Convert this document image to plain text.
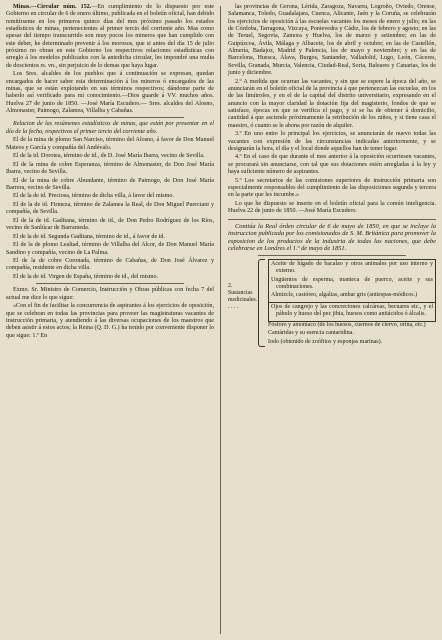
Minas.—Circular núm. 152.—En cumplimiento de lo dispuesto por este Gobierno en circular de 6 de enero último, publicada en el boletín oficial, han debido remitírseme en los primeros quince días del mes próximo pasado los estados estadísticos de minas, pertenecientes al primer tercio del corriente año. Mas como apesar del tiempo transcurrido son muy pocos los mineros que han cumplido con este deber, he determinado prevenir á los morosos, que si antes del día 15 de julio próximo no obran en este Gobierno los respectivos relaciones estadísticas con arreglo á los modelos publicados con la antedicha circular, les impondré una multa de doscientos rs. vn., sin perjuicio de lo demas que haya lugar.

Los Sres. alcaldes de los pueblos que á continuación se expresan, quedan encargados de hacer saber esta determinación á los mineros ó encargados de las minas, que se están explotando en sus términos respectivos; dándome parte de haberlo así verificado para mi conocimiento.—Dios guarde á VV. muchos años. Huelva 27 de junio de 1850. —José María Escudero.— Sres. alcaldes del Alosno, Almonaster, Paimogo, Zalamea, Villalba y Cabañas.

Relacion de las resúmenes estadísticos de minas, que están por presentar en el día de la fecha, respectivos al primer tercio del corriente año.

El de la mina de plomo San Narciso, término del Alosno, á favor de Don Manuel Mateos y García y compañía del Andévalo.

El de la id. Dorotea, término de id., de D. José María Ibarra, vecino de Sevilla.

El de la mina de cobre Esperanza, término de Almonaster, de Don José María Ibarra, vecino de Sevilla.

El de la mina de cobre Abundante, término de Paimogo, de Don José María Barrera, vecino de Sevilla.

El de la de id. Preciosa, término de dicha villa, á favor del mismo.

El de la de id. Firmeza, término de Zalamea la Real, de Don Miguel Puerciani y compañía, de Sevilla.

El de la de id. Gaditana, término de id., de Don Pedro Rodríguez de los Ríos, vecino de Sanlúcar de Barrameda.

El de la de id. Segunda Gaditana, término de id., á favor de id.

El de la de plomo Lealtad, término de Villalba del Alcor, de Don Manuel María Sandino y compañía, vecino de La Palma.

El de la de cobre Coronada, término de Cabañas, de Don José Álvarez y compañía, residente en dicha villa.

El de la de id. Virgen de España, término de id., del mismo.

Exmo. Sr. Ministro de Comercio, Instrucción y Obras públicas con fecha 7 del actual me dice lo que sigue:

«Con el fin de facilitar la concurrencia de aspirantes á los ejercicios de oposición, que se celebran en todas las provincias para proveer las magistraturas vacantes de instrucción primaria, y atendiendo á las diversas ocupaciones de los maestros que deben asistir á estos actos; la Reina (Q. D. G.) ha tenido por conveniente disponer lo que sigue: 1.º En

las provincias de Gerona, Lérida, Zaragoza, Navarra, Logroño, Oviedo, Orense, Salamanca, Toledo, Guadalajara, Cuenca, Alicante, Jaén y la Coruña, se celebrarán los ejercicios de oposición á las escuelas vacantes los meses de enero y julio; en las de Córdoba, Tarragona, Vizcaya, Pontevedra y Cádiz, los de febrero y agosto; en las de Teruel, Segovia, Zamora y Huelva, los de marzo y setiembre; en las de Guipúzcoa, Ávila, Málaga y Albacete, los de abril y octubre; en las de Castellón, Almería, Badajoz, Madrid y Palencia, los de mayo y noviembre; y en las de Barcelona, Huesca, Álava, Burgos, Santander, Valladolid, Lugo, León, Cáceres, Sevilla, Granada, Murcia, Valencia, Ciudad-Real, Soria, Baleares y Canarias, los de junio y diciembre.

2.º A medida que ocurran las vacantes, y sin que se espere la época del año, se anunciarán en el boletín oficial de la provincia á que pertenezcan las escuelas, en los de las limítrofes, y en el de la capital del distrito universitario, expresando en el anuncio con la mayor claridad la dotación fija del magisterio, fondos de que se satisface, épocas en que se verifica el pago, y si se ha de obtener á domicilio, cantidad á que asciende próximamente la retribución de los niños, y si tiene casa el maestro, ó cuanto se le abona por razón de alquiler.

3.º En uno entre lo principal los ejercicios, se anunciarán de nuevo todas las vacantes con expresión de las circunstancias indicadas anteriormente, y se designarán la hora, el día y el local donde aquellos han de tener lugar.

4.º En el caso de que durante el mes anterior á la oposición ocurriesen vacantes, se procurará sin anunciarse, con tal que sus dotaciones estén arregladas á la ley y haya suficiente número de aspirantes.

5.º Los secretarios de las comisiones superiores de instrucción primaria son especialmente responsables del cumplimiento de las disposiciones segunda y tercera en la parte que les incumbe.»

Lo que he dispuesto se inserte en el boletín oficial para la común inteligencia. Huelva 22 de junio de 1850. —José María Escudero.

Contiúa la Real órden circular de 6 de mayo de 1850, en que se inclaye la instruccion publicada por los comisionados de S. M. Británica para promover la esposicion de los productos de la industria de todas las naciones, que debe celebrarse en Londres el 1.º de mayo de 1851.

2. Sustancias medicinales. . . . .

Aceite de hígado de bacalao y otros animales por uso interno y externo.

Ungüentos de esperma, manteca de puerco, aceite y sus combinaciones.

Almizcle, castóreo, algalias, ambar gris (antiespas-módicos.)

Ojos de cangrejo y las concreciones calcáreas, becuares etc., y el pábulo y hueso del pez jibia, huesos como antiácidos ó álcalis.

Fósforo y amoniaco (de los huesos, cuernos de ciervo, orina, etc.)

Cantáridas y su esencia cantaridina.

Iodo (obtenido de zoófitos y esponjas marinas).
